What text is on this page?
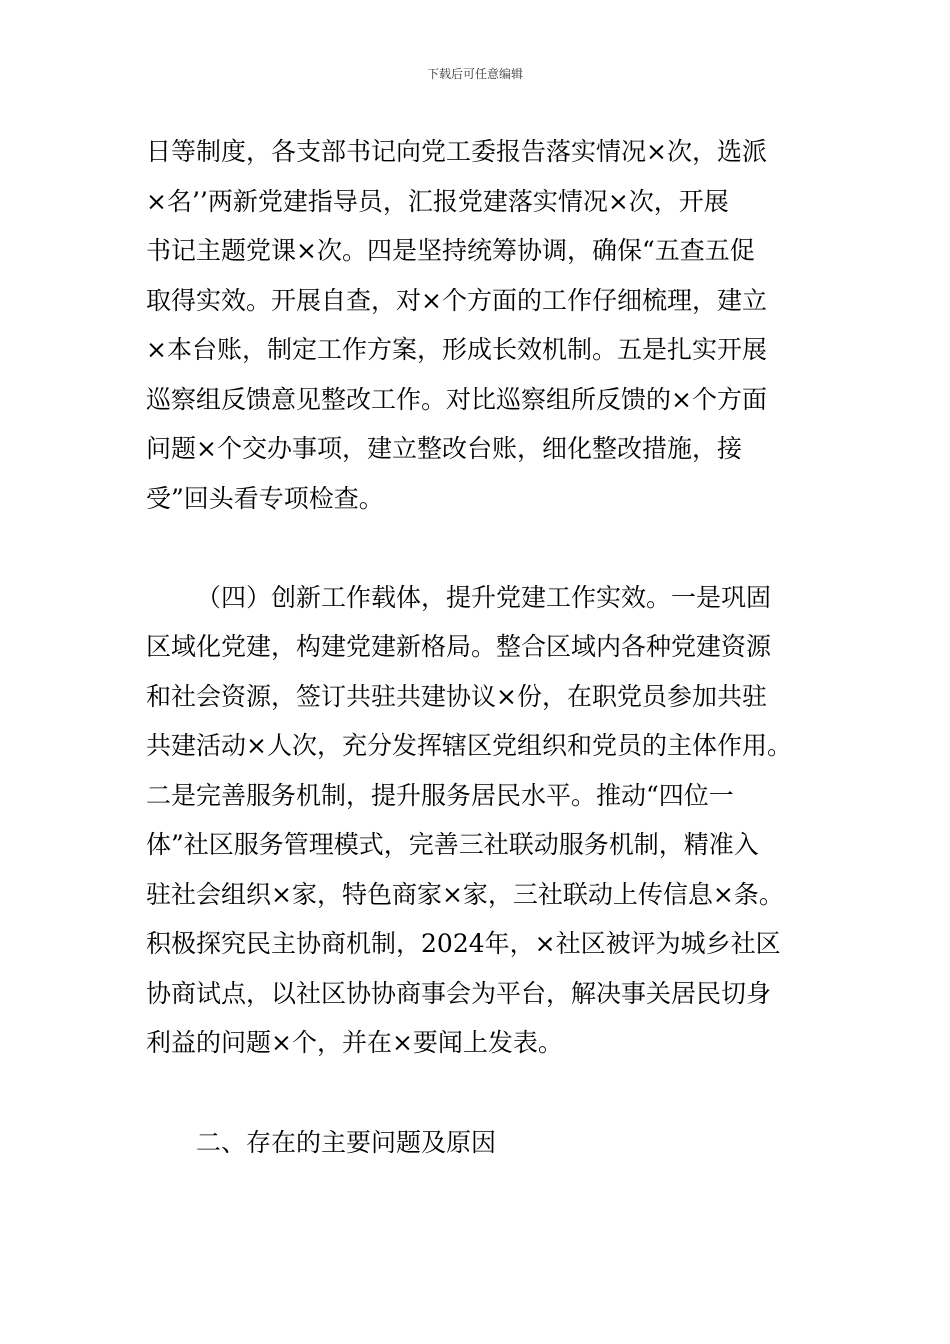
下载后可任意编辑
日等制度，各支部书记向党工委报告落实情况×次，选派
×名’’两新党建指导员，汇报党建落实情况×次，开展
书记主题党课×次。四是坚持统筹协调，确保“五查五促
取得实效。开展自查，对×个方面的工作仔细梳理，建立
×本台账，制定工作方案，形成长效机制。五是扎实开展
巡察组反馈意见整改工作。对比巡察组所反馈的×个方面
问题×个交办事项，建立整改台账，细化整改措施，接
受”回头看专项检查。
（四）创新工作载体，提升党建工作实效。一是巩固
区域化党建，构建党建新格局。整合区域内各种党建资源
和社会资源，签订共驻共建协议×份，在职党员参加共驻
共建活动×人次，充分发挥辖区党组织和党员的主体作用。
二是完善服务机制，提升服务居民水平。推动“四位一
体”社区服务管理模式，完善三社联动服务机制，精准入
驻社会组织×家，特色商家×家，三社联动上传信息×条。
积极探究民主协商机制，2024年，×社区被评为城乡社区
协商试点，以社区协协商事会为平台，解决事关居民切身
利益的问题×个，并在×要闻上发表。
二、存在的主要问题及原因
